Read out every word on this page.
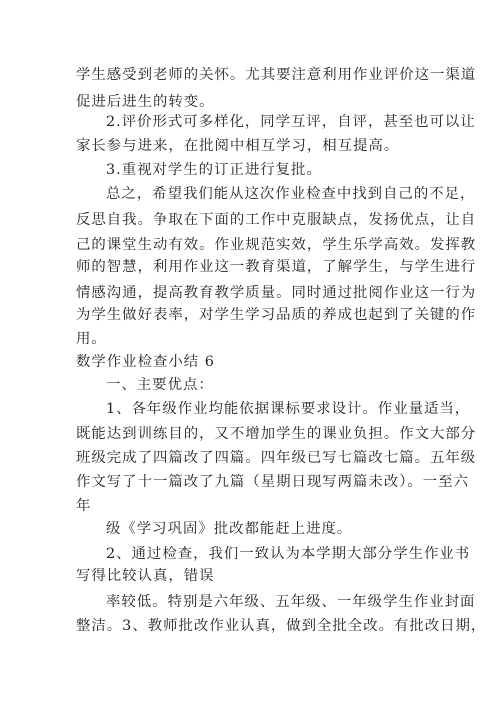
学生感受到老师的关怀。尤其要注意利用作业评价这一渠道
促进后进生的转变。
2.评价形式可多样化，同学互评，自评，甚至也可以让
家长参与进来，在批阅中相互学习，相互提高。
3.重视对学生的订正进行复批。
总之，希望我们能从这次作业检查中找到自己的不足，
反思自我。争取在下面的工作中克服缺点，发扬优点，让自
己的课堂生动有效。作业规范实效，学生乐学高效。发挥教
师的智慧，利用作业这一教育渠道，了解学生，与学生进行
情感沟通，提高教育教学质量。同时通过批阅作业这一行为
为学生做好表率，对学生学习品质的养成也起到了关键的作
用。
数学作业检查小结 6
一、主要优点：
1、各年级作业均能依据课标要求设计。作业量适当，
既能达到训练目的，又不增加学生的课业负担。作文大部分
班级完成了四篇改了四篇。四年级已写七篇改七篇。五年级
作文写了十一篇改了九篇（星期日现写两篇未改）。一至六
年
级《学习巩固》批改都能赶上进度。
2、通过检查，我们一致认为本学期大部分学生作业书
写得比较认真，错误
率较低。特别是六年级、五年级、一年级学生作业封面
整洁。3、教师批改作业认真，做到全批全改。有批改日期，
